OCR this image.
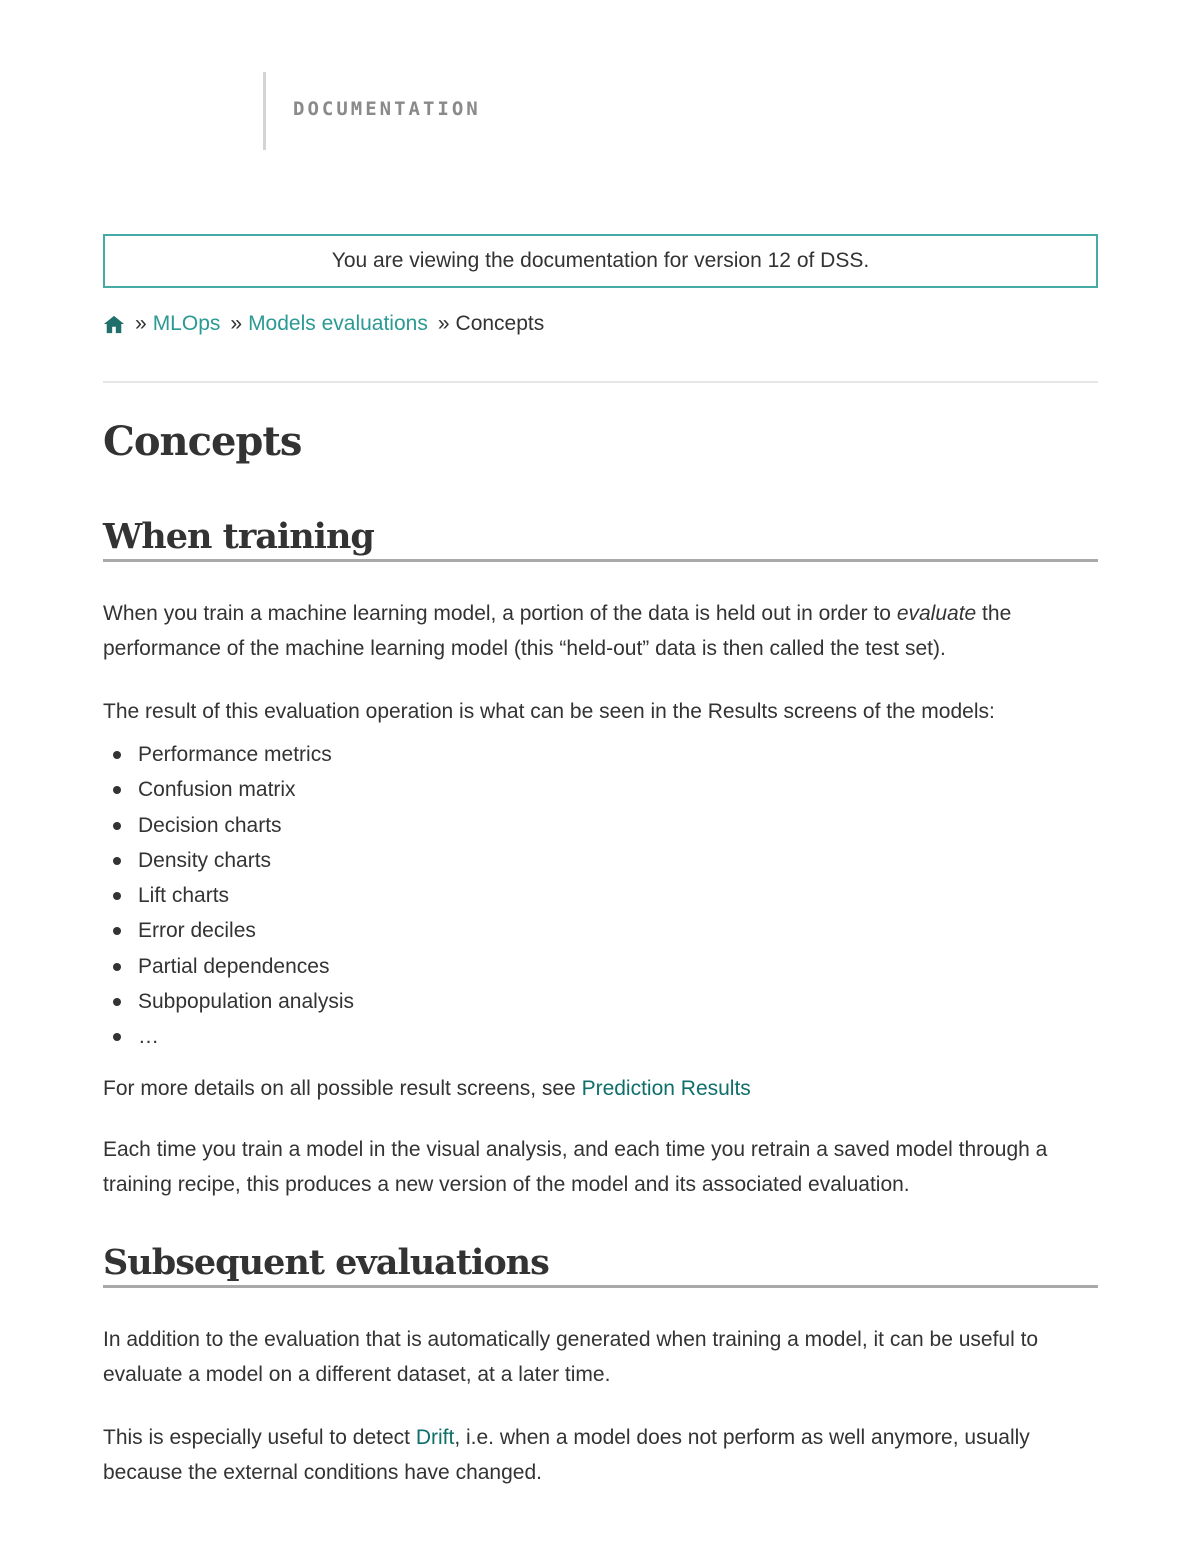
DOCUMENTATION
You are viewing the documentation for version
12
of DSS.
» MLOps » Models evaluations » Concepts
Concepts
When training

When you train a machine learning model, a portion of the data is held out in order to evaluate the performance of the machine learning model (this “held-out” data is then called the test set).

The result of this evaluation operation is what can be seen in the Results screens of the models:

Performance metrics
Confusion matrix
Decision charts
Density charts
Lift charts
Error deciles
Partial dependences
Subpopulation analysis
…

For more details on all possible result screens, see Prediction Results

Each time you train a model in the visual analysis, and each time you retrain a saved model through a training recipe, this produces a new version of the model and its associated evaluation.

Subsequent evaluations

In addition to the evaluation that is automatically generated when training a model, it can be useful to evaluate a model on a different dataset, at a later time.

This is especially useful to detect Drift, i.e. when a model does not perform as well anymore, usually because the external conditions have changed.
